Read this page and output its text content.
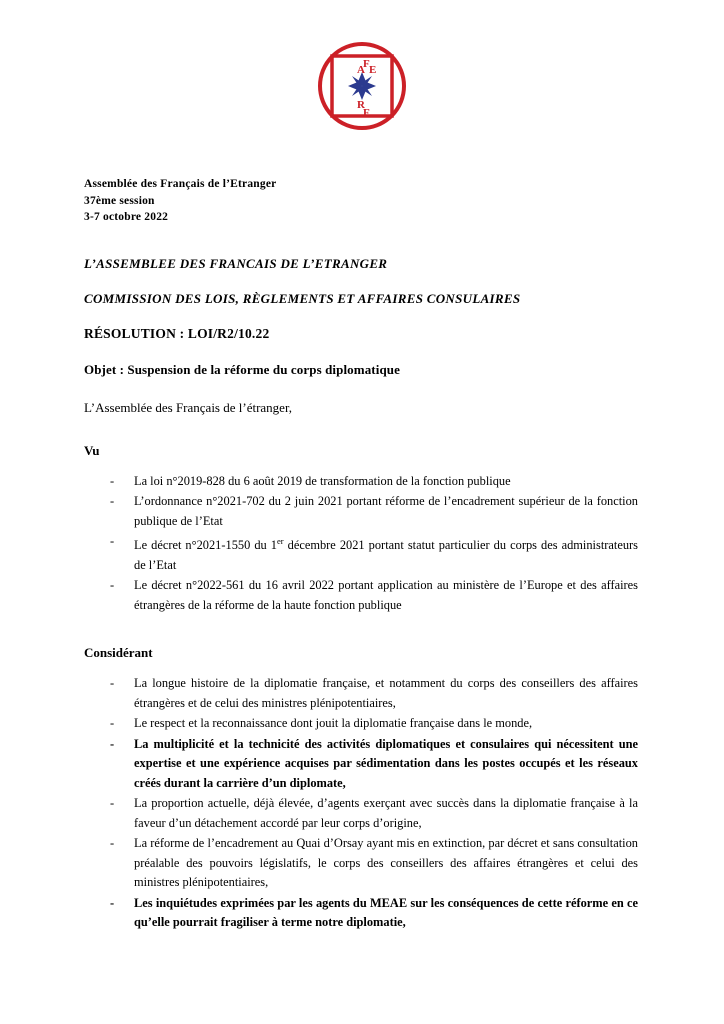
A E
F
R
F
Assemblée des Français de l’Etranger
37ème session
3-7 octobre 2022
L’ASSEMBLEE DES FRANCAIS DE L’ETRANGER
COMMISSION DES LOIS, RÈGLEMENTS ET AFFAIRES CONSULAIRES
RÉSOLUTION : LOI/R2/10.22
Objet : Suspension de la réforme du corps diplomatique
L’Assemblée des Français de l’étranger,
Vu
- La loi n°2019-828 du 6 août 2019 de transformation de la fonction publique
- L’ordonnance n°2021-702 du 2 juin 2021 portant réforme de l’encadrement supérieur de la fonction publique de l’Etat
- Le décret n°2021-1550 du 1er décembre 2021 portant statut particulier du corps des administrateurs de l’Etat
- Le décret n°2022-561 du 16 avril 2022 portant application au ministère de l’Europe et des affaires étrangères de la réforme de la haute fonction publique
Considérant
- La longue histoire de la diplomatie française, et notamment du corps des conseillers des affaires étrangères et de celui des ministres plénipotentiaires,
- Le respect et la reconnaissance dont jouit la diplomatie française dans le monde,
- La multiplicité et la technicité des activités diplomatiques et consulaires qui nécessitent une expertise et une expérience acquises par sédimentation dans les postes occupés et les réseaux créés durant la carrière d’un diplomate,
- La proportion actuelle, déjà élevée, d’agents exerçant avec succès dans la diplomatie française à la faveur d’un détachement accordé par leur corps d’origine,
- La réforme de l’encadrement au Quai d’Orsay ayant mis en extinction, par décret et sans consultation préalable des pouvoirs législatifs, le corps des conseillers des affaires étrangères et celui des ministres plénipotentiaires,
- Les inquiétudes exprimées par les agents du MEAE sur les conséquences de cette réforme en ce qu’elle pourrait fragiliser à terme notre diplomatie,
